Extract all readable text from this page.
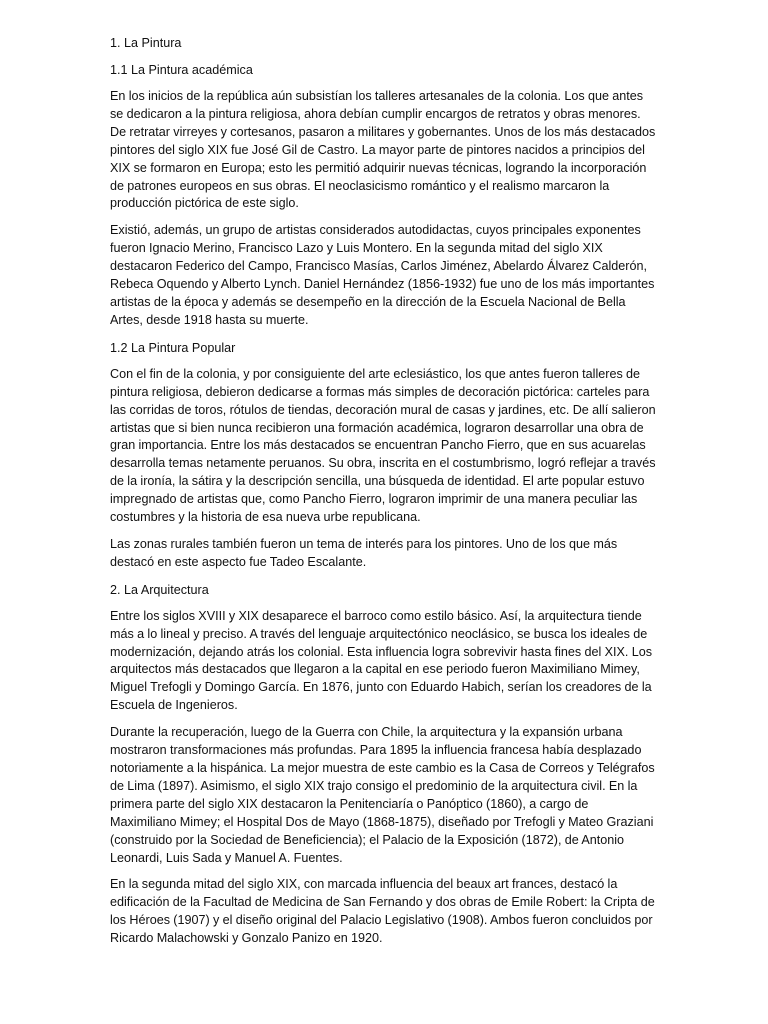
1. La Pintura
1.1 La Pintura académica

En los inicios de la república aún subsistían los talleres artesanales de la colonia. Los que antes se dedicaron a la pintura religiosa, ahora debían cumplir encargos de retratos y obras menores. De retratar virreyes y cortesanos, pasaron a militares y gobernantes. Unos de los más destacados pintores del siglo XIX fue José Gil de Castro. La mayor parte de pintores nacidos a principios del XIX se formaron en Europa; esto les permitió adquirir nuevas técnicas, logrando la incorporación de patrones europeos en sus obras. El neoclasicismo romántico y el realismo marcaron la producción pictórica de este siglo.

Existió, además, un grupo de artistas considerados autodidactas, cuyos principales exponentes fueron Ignacio Merino, Francisco Lazo y Luis Montero. En la segunda mitad del siglo XIX destacaron Federico del Campo, Francisco Masías, Carlos Jiménez, Abelardo Álvarez Calderón, Rebeca Oquendo y Alberto Lynch. Daniel Hernández (1856-1932) fue uno de los más importantes artistas de la época y además se desempeño en la dirección de la Escuela Nacional de Bella Artes, desde 1918 hasta su muerte.

1.2 La Pintura Popular

Con el fin de la colonia, y por consiguiente del arte eclesiástico, los que antes fueron talleres de pintura religiosa, debieron dedicarse a formas más simples de decoración pictórica: carteles para las corridas de toros, rótulos de tiendas, decoración mural de casas y jardines, etc. De allí salieron artistas que si bien nunca recibieron una formación académica, lograron desarrollar una obra de gran importancia. Entre los más destacados se encuentran Pancho Fierro, que en sus acuarelas desarrolla temas netamente peruanos. Su obra, inscrita en el costumbrismo, logró reflejar a través de la ironía, la sátira y la descripción sencilla, una búsqueda de identidad. El arte popular estuvo impregnado de artistas que, como Pancho Fierro, lograron imprimir de una manera peculiar las costumbres y la historia de esa nueva urbe republicana.

Las zonas rurales también fueron un tema de interés para los pintores. Uno de los que más destacó en este aspecto fue Tadeo Escalante.

2. La Arquitectura

Entre los siglos XVIII y XIX desaparece el barroco como estilo básico. Así, la arquitectura tiende más a lo lineal y preciso. A través del lenguaje arquitectónico neoclásico, se busca los ideales de modernización, dejando atrás los colonial. Esta influencia logra sobrevivir hasta fines del XIX. Los arquitectos más destacados que llegaron a la capital en ese periodo fueron Maximiliano Mimey, Miguel Trefogli y Domingo García. En 1876, junto con Eduardo Habich, serían los creadores de la Escuela de Ingenieros.

Durante la recuperación, luego de la Guerra con Chile, la arquitectura y la expansión urbana mostraron transformaciones más profundas. Para 1895 la influencia francesa había desplazado notoriamente a la hispánica. La mejor muestra de este cambio es la Casa de Correos y Telégrafos de Lima (1897). Asimismo, el siglo XIX trajo consigo el predominio de la arquitectura civil. En la primera parte del siglo XIX destacaron la Penitenciaría o Panóptico (1860), a cargo de Maximiliano Mimey; el Hospital Dos de Mayo (1868-1875), diseñado por Trefogli y Mateo Graziani (construido por la Sociedad de Beneficiencia); el Palacio de la Exposición (1872), de Antonio Leonardi, Luis Sada y Manuel A. Fuentes.

En la segunda mitad del siglo XIX, con marcada influencia del beaux art frances, destacó la edificación de la Facultad de Medicina de San Fernando y dos obras de Emile Robert: la Cripta de los Héroes (1907) y el diseño original del Palacio Legislativo (1908). Ambos fueron concluidos por Ricardo Malachowski y Gonzalo Panizo en 1920.
